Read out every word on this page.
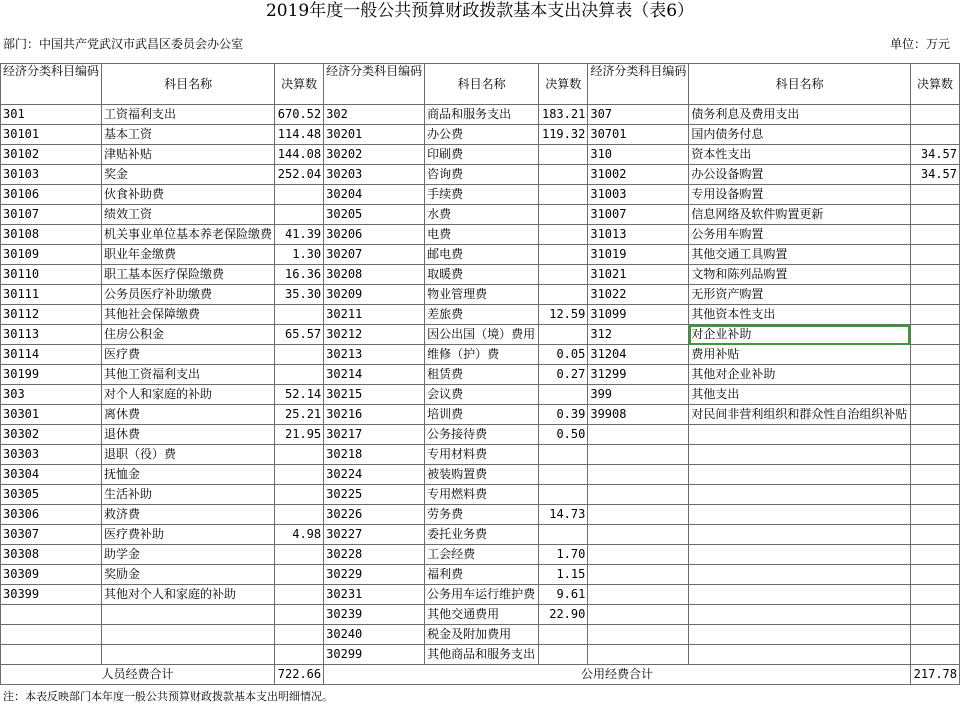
2019年度一般公共预算财政拨款基本支出决算表（表6）
部门：中国共产党武汉市武昌区委员会办公室	单位：万元
经济分类科目编码	科目名称	决算数	经济分类科目编码	科目名称	决算数	经济分类科目编码	科目名称	决算数
301	工资福利支出	670.52	302	商品和服务支出	183.21	307	债务利息及费用支出	
30101	基本工资	114.48	30201	办公费	119.32	30701	国内债务付息	
30102	津贴补贴	144.08	30202	印刷费		310	资本性支出	34.57
30103	奖金	252.04	30203	咨询费		31002	办公设备购置	34.57
30106	伙食补助费		30204	手续费		31003	专用设备购置	
30107	绩效工资		30205	水费		31007	信息网络及软件购置更新	
30108	机关事业单位基本养老保险缴费	41.39	30206	电费		31013	公务用车购置	
30109	职业年金缴费	1.30	30207	邮电费		31019	其他交通工具购置	
30110	职工基本医疗保险缴费	16.36	30208	取暖费		31021	文物和陈列品购置	
30111	公务员医疗补助缴费	35.30	30209	物业管理费		31022	无形资产购置	
30112	其他社会保障缴费		30211	差旅费	12.59	31099	其他资本性支出	
30113	住房公积金	65.57	30212	因公出国（境）费用		312	对企业补助	
30114	医疗费		30213	维修（护）费	0.05	31204	费用补贴	
30199	其他工资福利支出		30214	租赁费	0.27	31299	其他对企业补助	
303	对个人和家庭的补助	52.14	30215	会议费		399	其他支出	
30301	离休费	25.21	30216	培训费	0.39	39908	对民间非营利组织和群众性自治组织补贴	
30302	退休费	21.95	30217	公务接待费	0.50			
30303	退职（役）费		30218	专用材料费				
30304	抚恤金		30224	被装购置费				
30305	生活补助		30225	专用燃料费				
30306	救济费		30226	劳务费	14.73			
30307	医疗费补助	4.98	30227	委托业务费				
30308	助学金		30228	工会经费	1.70			
30309	奖励金		30229	福利费	1.15			
30399	其他对个人和家庭的补助		30231	公务用车运行维护费	9.61			
			30239	其他交通费用	22.90			
			30240	税金及附加费用				
			30299	其他商品和服务支出				
人员经费合计		722.66	公用经费合计					217.78
注：本表反映部门本年度一般公共预算财政拨款基本支出明细情况。
